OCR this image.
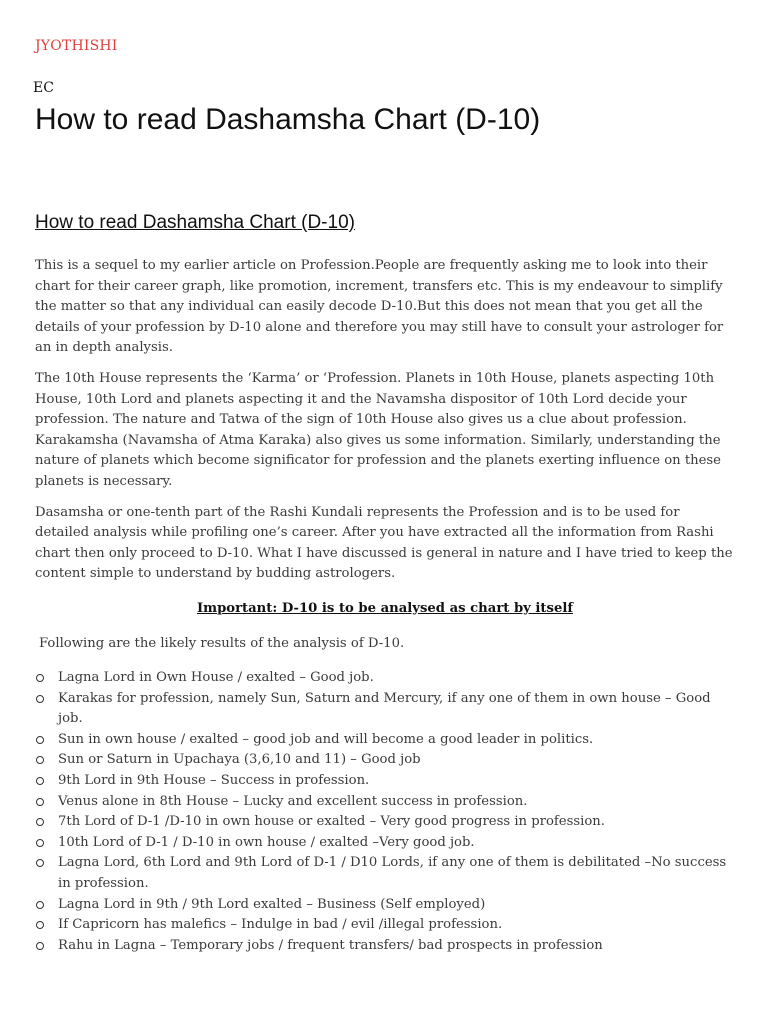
JYOTHISHI
EC
How to read Dashamsha Chart (D-10)
How to read Dashamsha Chart (D-10)

This is a sequel to my earlier article on Profession.People are frequently asking me to look into their chart for their career graph, like promotion, increment, transfers etc. This is my endeavour to simplify the matter so that any individual can easily decode D-10.But this does not mean that you get all the details of your profession by D-10 alone and therefore you may still have to consult your astrologer for an in depth analysis.

The 10th House represents the ‘Karma’ or ‘Profession. Planets in 10th House, planets aspecting 10th House, 10th Lord and planets aspecting it and the Navamsha dispositor of 10th Lord decide your profession. The nature and Tatwa of the sign of 10th House also gives us a clue about profession. Karakamsha (Navamsha of Atma Karaka) also gives us some information. Similarly, understanding the nature of planets which become significator for profession and the planets exerting influence on these planets is necessary.

Dasamsha or one-tenth part of the Rashi Kundali represents the Profession and is to be used for detailed analysis while profiling one’s career. After you have extracted all the information from Rashi chart then only proceed to D-10. What I have discussed is general in nature and I have tried to keep the content simple to understand by budding astrologers.

Important: D-10 is to be analysed as chart by itself

Following are the likely results of the analysis of D-10.

Lagna Lord in Own House / exalted – Good job.
Karakas for profession, namely Sun, Saturn and Mercury, if any one of them in own house – Good job.
Sun in own house / exalted – good job and will become a good leader in politics.
Sun or Saturn in Upachaya (3,6,10 and 11) – Good job
9th Lord in 9th House – Success in profession.
Venus alone in 8th House – Lucky and excellent success in profession.
7th Lord of D-1 /D-10 in own house or exalted – Very good progress in profession.
10th Lord of D-1 / D-10 in own house / exalted –Very good job.
Lagna Lord, 6th Lord and 9th Lord of D-1 / D10 Lords, if any one of them is debilitated –No success in profession.
Lagna Lord in 9th / 9th Lord exalted – Business (Self employed)
If Capricorn has malefics – Indulge in bad / evil /illegal profession.
Rahu in Lagna – Temporary jobs / frequent transfers/ bad prospects in profession
